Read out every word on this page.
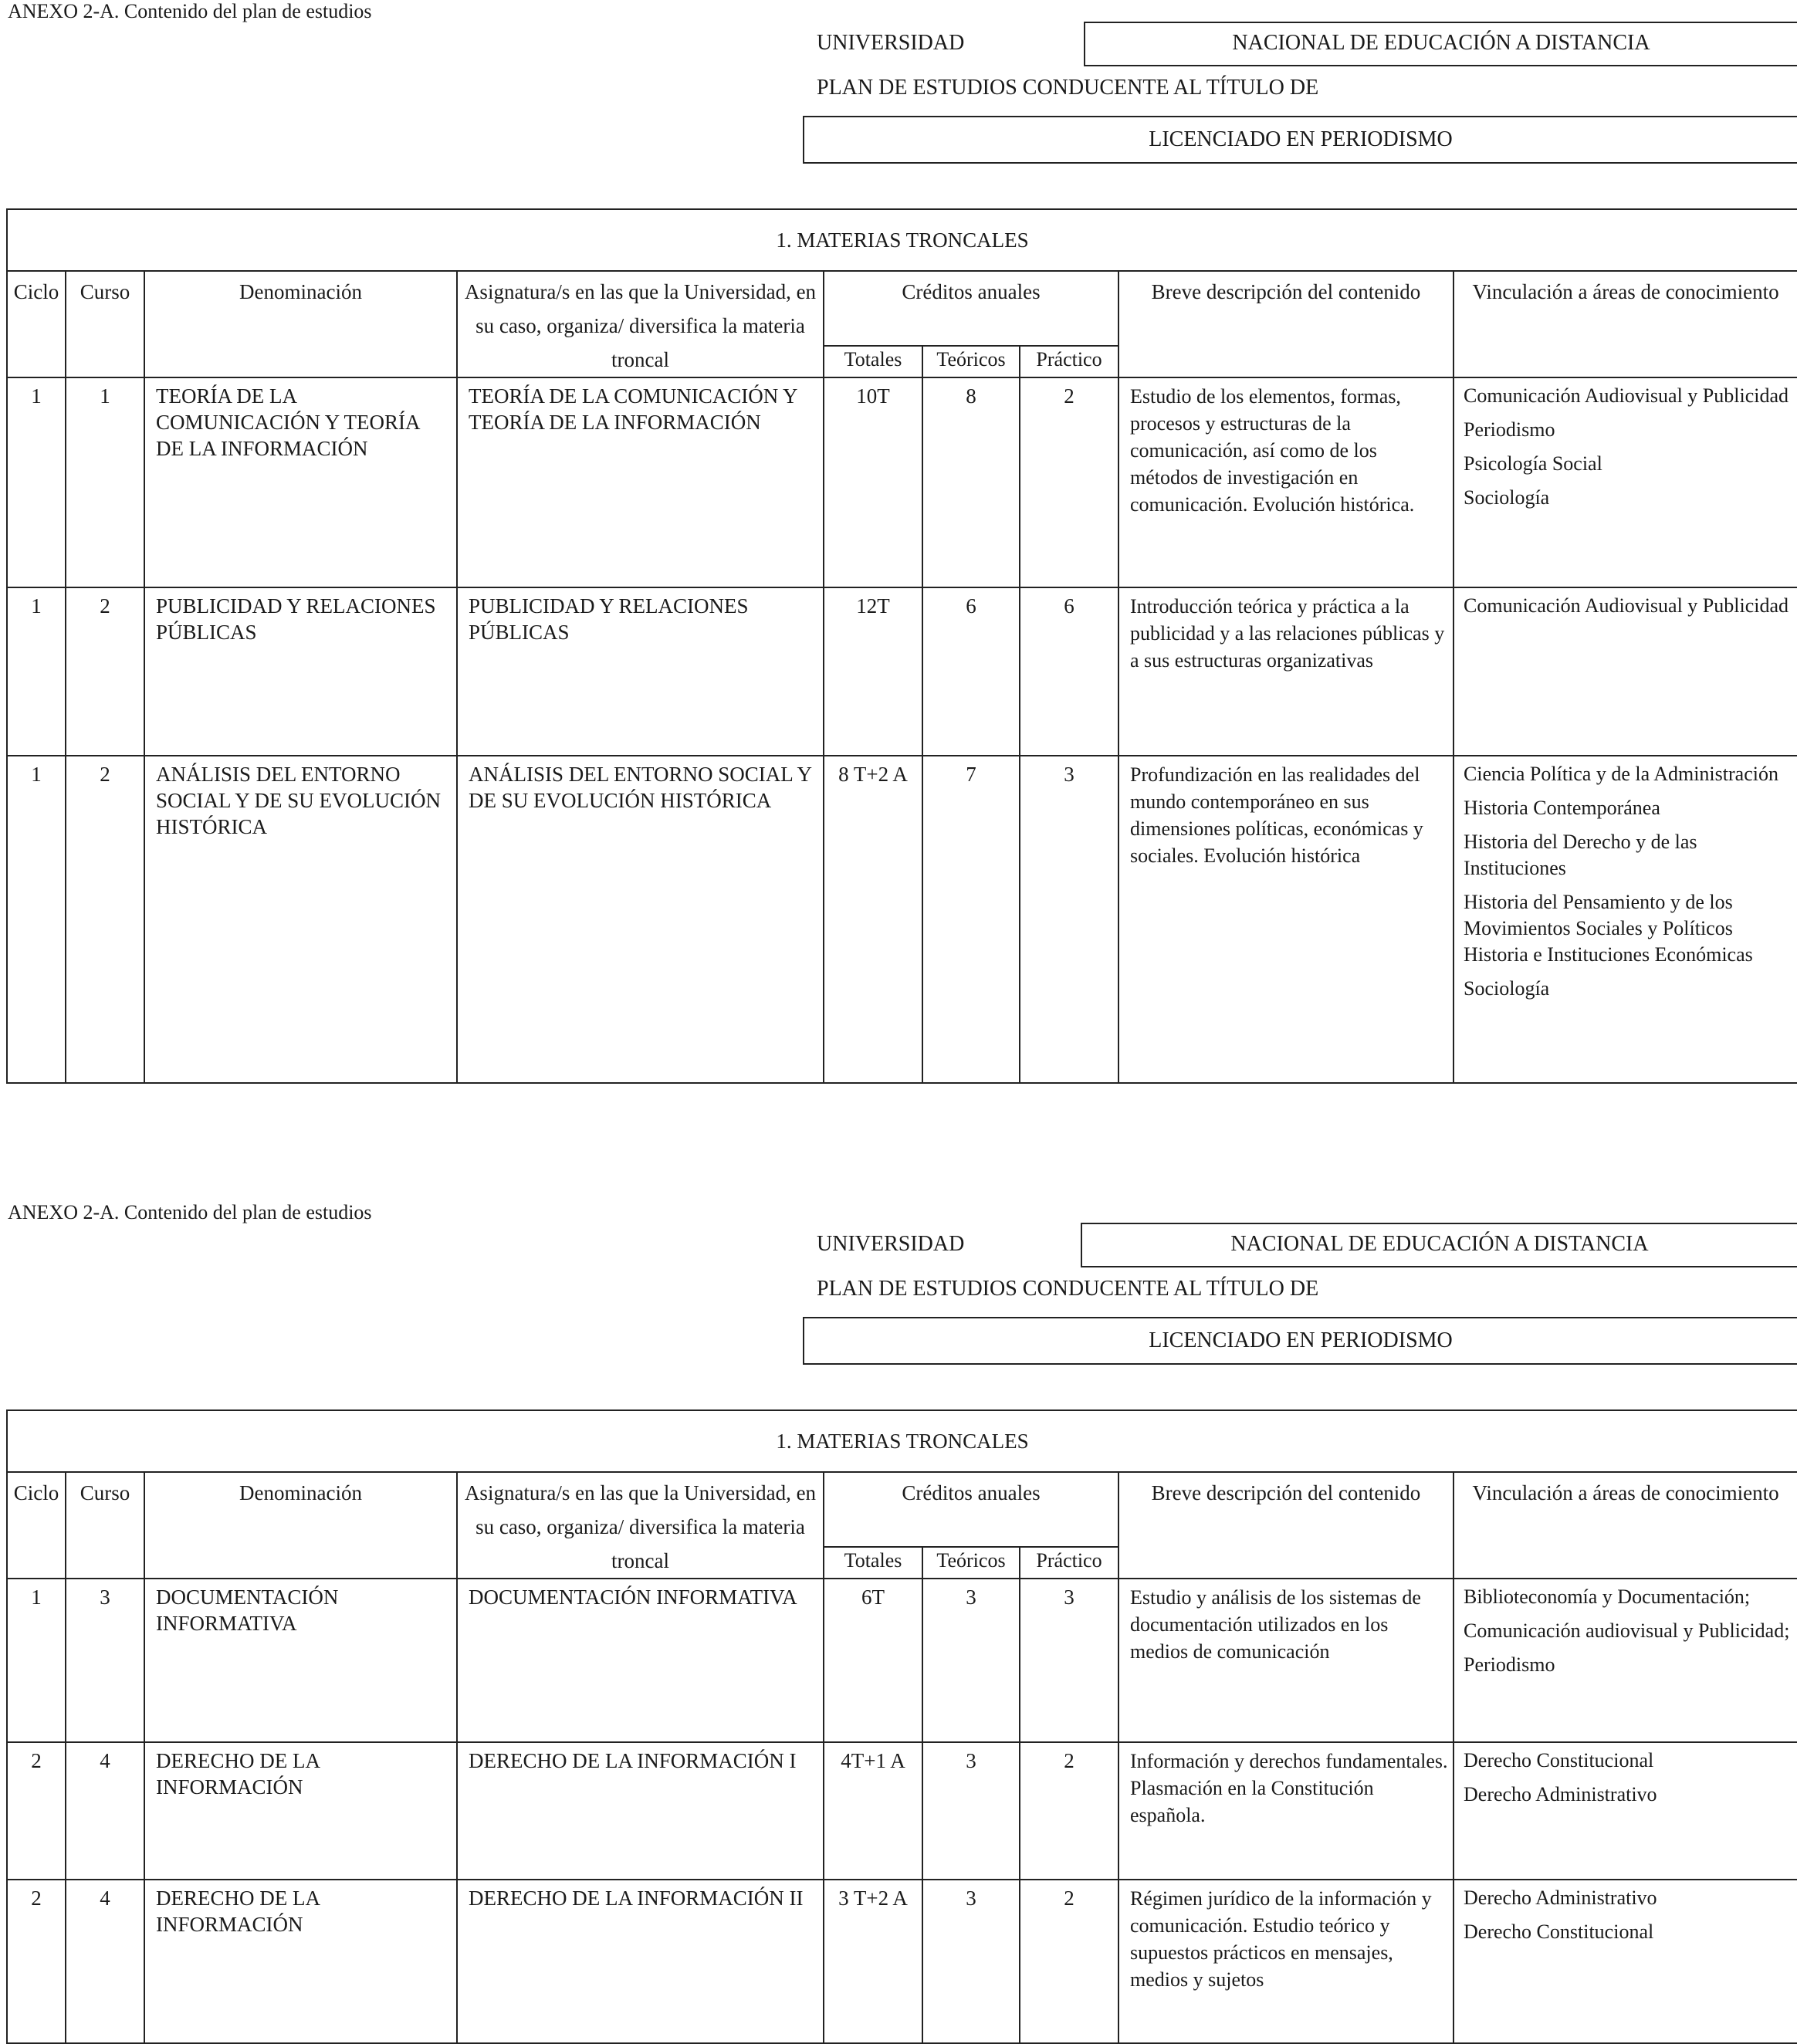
ANEXO 2-A. Contenido del plan de estudios
UNIVERSIDAD	NACIONAL DE EDUCACIÓN A DISTANCIA
PLAN DE ESTUDIOS CONDUCENTE AL TÍTULO DE
LICENCIADO EN PERIODISMO
1. MATERIAS TRONCALES								
Ciclo	Curso	Denominación	Asignatura/s en las que la Universidad, en su caso, organiza/ diversifica la materia troncal	Créditos anuales			Breve descripción del contenido	Vinculación a áreas de conocimiento
				Totales	Teóricos	Práctico		
1	1	TEORÍA DE LA COMUNICACIÓN Y TEORÍA DE LA INFORMACIÓN	TEORÍA DE LA COMUNICACIÓN Y TEORÍA DE LA INFORMACIÓN	10T	8	2	Estudio de los elementos, formas, procesos y estructuras de la comunicación, así como de los métodos de investigación en comunicación. Evolución histórica.	Comunicación Audiovisual y Publicidad
Periodismo
Psicología Social
Sociología

1	2	PUBLICIDAD Y RELACIONES PÚBLICAS	PUBLICIDAD Y RELACIONES PÚBLICAS	12T	6	6	Introducción teórica y práctica a la publicidad y a las relaciones públicas y a sus estructuras organizativas	Comunicación Audiovisual y Publicidad

1	2	ANÁLISIS DEL ENTORNO SOCIAL Y DE SU EVOLUCIÓN HISTÓRICA	ANÁLISIS DEL ENTORNO SOCIAL Y DE SU EVOLUCIÓN HISTÓRICA	8 T+2 A	7	3	Profundización en las realidades del mundo contemporáneo en sus dimensiones políticas, económicas y sociales. Evolución histórica	Ciencia Política y de la Administración
Historia Contemporánea
Historia del Derecho y de las Instituciones
Historia del Pensamiento y de los Movimientos Sociales y Políticos Historia e Instituciones Económicas
Sociología
ANEXO 2-A. Contenido del plan de estudios
UNIVERSIDAD	NACIONAL DE EDUCACIÓN A DISTANCIA
PLAN DE ESTUDIOS CONDUCENTE AL TÍTULO DE
LICENCIADO EN PERIODISMO
1. MATERIAS TRONCALES								
Ciclo	Curso	Denominación	Asignatura/s en las que la Universidad, en su caso, organiza/ diversifica la materia troncal	Créditos anuales			Breve descripción del contenido	Vinculación a áreas de conocimiento
				Totales	Teóricos	Práctico		
1	3	DOCUMENTACIÓN INFORMATIVA	DOCUMENTACIÓN INFORMATIVA	6T	3	3	Estudio y análisis de los sistemas de documentación utilizados en los medios de comunicación	Biblioteconomía y Documentación;
Comunicación audiovisual y Publicidad;
Periodismo

2	4	DERECHO DE LA INFORMACIÓN	DERECHO DE LA INFORMACIÓN I	4T+1 A	3	2	Información y derechos fundamentales. Plasmación en la Constitución española.	Derecho Constitucional
Derecho Administrativo

2	4	DERECHO DE LA INFORMACIÓN	DERECHO DE LA INFORMACIÓN II	3 T+2 A	3	2	Régimen jurídico de la información y comunicación. Estudio teórico y supuestos prácticos en mensajes, medios y sujetos	Derecho Administrativo
Derecho Constitucional
